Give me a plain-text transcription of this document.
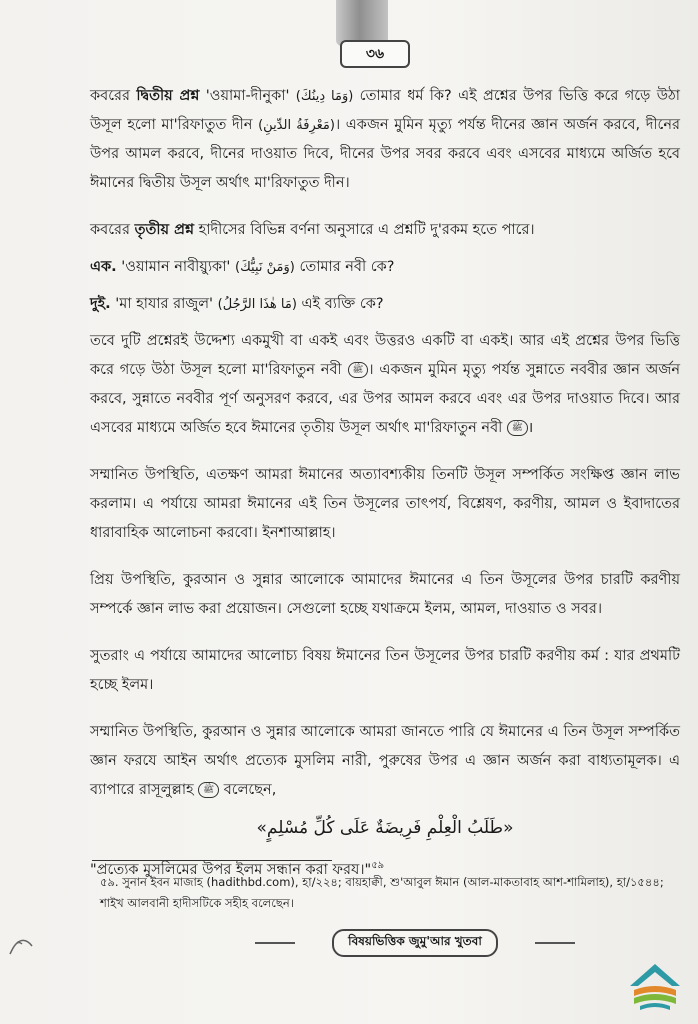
৩৬

কবরের দ্বিতীয় প্রশ্ন 'ওয়ামা-দীনুকা' (وَمَا دِينُكَ) তোমার ধর্ম কি? এই প্রশ্নের উপর ভিত্তি করে গড়ে উঠা উসূল হলো মা'রিফাতুত দীন (مَعْرِفَةُ الدِّينِ)। একজন মুমিন মৃত্যু পর্যন্ত দীনের জ্ঞান অর্জন করবে, দীনের উপর আমল করবে, দীনের দাওয়াত দিবে, দীনের উপর সবর করবে এবং এসবের মাধ্যমে অর্জিত হবে ঈমানের দ্বিতীয় উসূল অর্থাৎ মা'রিফাতুত দীন।

কবরের তৃতীয় প্রশ্ন হাদীসের বিভিন্ন বর্ণনা অনুসারে এ প্রশ্নটি দু'রকম হতে পারে।

এক. 'ওয়ামান নাবীয়্যুকা' (وَمَنْ نَبِيُّكَ) তোমার নবী কে?

দুই. 'মা হাযার রাজুল' (مَا هٰذَا الرَّجُلُ) এই ব্যক্তি কে?

তবে দুটি প্রশ্নেরই উদ্দেশ্য একমুখী বা একই এবং উত্তরও একটি বা একই। আর এই প্রশ্নের উপর ভিত্তি করে গড়ে উঠা উসূল হলো মা'রিফাতুন নবী ﷺ । একজন মুমিন মৃত্যু পর্যন্ত সুন্নাতে নববীর জ্ঞান অর্জন করবে, সুন্নাতে নববীর পূর্ণ অনুসরণ করবে, এর উপর আমল করবে এবং এর উপর দাওয়াত দিবে। আর এসবের মাধ্যমে অর্জিত হবে ঈমানের তৃতীয় উসূল অর্থাৎ মা'রিফাতুন নবী ﷺ ।

সম্মানিত উপস্থিতি, এতক্ষণ আমরা ঈমানের অত্যাবশ্যকীয় তিনটি উসূল সম্পর্কিত সংক্ষিপ্ত জ্ঞান লাভ করলাম। এ পর্যায়ে আমরা ঈমানের এই তিন উসূলের তাৎপর্য, বিশ্লেষণ, করণীয়, আমল ও ইবাদাতের ধারাবাহিক আলোচনা করবো। ইনশাআল্লাহ।

প্রিয় উপস্থিতি, কুরআন ও সুন্নার আলোকে আমাদের ঈমানের এ তিন উসূলের উপর চারটি করণীয় সম্পর্কে জ্ঞান লাভ করা প্রয়োজন। সেগুলো হচ্ছে যথাক্রমে ইলম, আমল, দাওয়াত ও সবর।

সুতরাং এ পর্যায়ে আমাদের আলোচ্য বিষয় ঈমানের তিন উসূলের উপর চারটি করণীয় কর্ম : যার প্রথমটি হচ্ছে ইলম।

সম্মানিত উপস্থিতি, কুরআন ও সুন্নার আলোকে আমরা জানতে পারি যে ঈমানের এ তিন উসূল সম্পর্কিত জ্ঞান ফরযে আইন অর্থাৎ প্রত্যেক মুসলিম নারী, পুরুষের উপর এ জ্ঞান অর্জন করা বাধ্যতামূলক। এ ব্যাপারে রাসূলুল্লাহ ﷺ বলেছেন,

«طَلَبُ الْعِلْمِ فَرِيضَةٌ عَلَى كُلِّ مُسْلِمٍ»

"প্রত্যেক মুসলিমের উপর ইলম সন্ধান করা ফরয।"$^{৫৯}$

৫৯. সুনান ইবন মাজাহ (hadithbd.com), হা/২২৪; বায়হাক্বী, শু'আবুল ঈমান (আল-মাকতাবাহ আশ-শামিলাহ), হা/১৫৪৪; শাইখ আলবানী হাদীসটিকে সহীহ বলেছেন।
বিষয়ভিত্তিক জুমু'আর খুতবা
